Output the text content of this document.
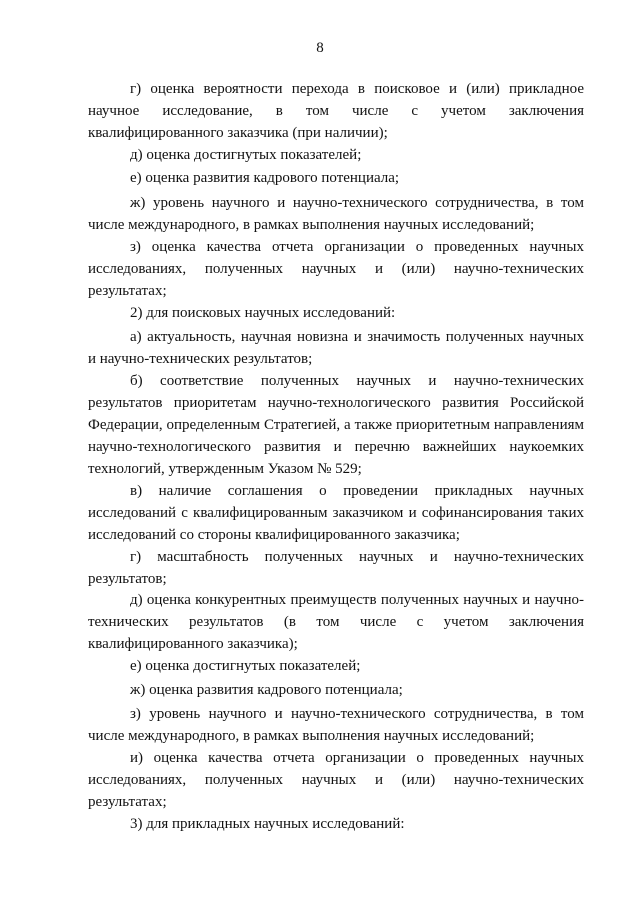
8
г) оценка вероятности перехода в поисковое и (или) прикладное
научное исследование, в том числе с учетом заключения
квалифицированного заказчика (при наличии);
д) оценка достигнутых показателей;
е) оценка развития кадрового потенциала;
ж) уровень научного и научно-технического сотрудничества, в том
числе международного, в рамках выполнения научных исследований;
з) оценка качества отчета организации о проведенных научных
исследованиях, полученных научных и (или) научно-технических
результатах;
2) для поисковых научных исследований:
а) актуальность, научная новизна и значимость полученных научных
и научно-технических результатов;
б) соответствие полученных научных и научно-технических
результатов приоритетам научно-технологического развития Российской
Федерации, определенным Стратегией, а также приоритетным направлениям
научно-технологического развития и перечню важнейших наукоемких
технологий, утвержденным Указом № 529;
в) наличие соглашения о проведении прикладных научных
исследований с квалифицированным заказчиком и софинансирования таких
исследований со стороны квалифицированного заказчика;
г) масштабность полученных научных и научно-технических
результатов;
д) оценка конкурентных преимуществ полученных научных и научно-
технических результатов (в том числе с учетом заключения
квалифицированного заказчика);
е) оценка достигнутых показателей;
ж) оценка развития кадрового потенциала;
з) уровень научного и научно-технического сотрудничества, в том
числе международного, в рамках выполнения научных исследований;
и) оценка качества отчета организации о проведенных научных
исследованиях, полученных научных и (или) научно-технических
результатах;
3) для прикладных научных исследований:
